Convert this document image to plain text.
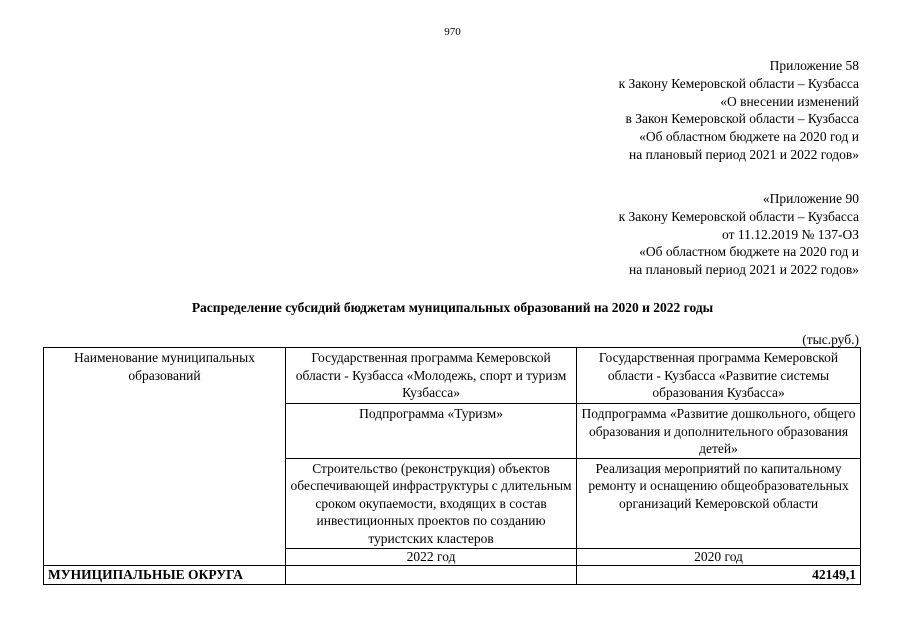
970
Приложение 58
к Закону Кемеровской области – Кузбасса
«О внесении изменений
в Закон Кемеровской области – Кузбасса
«Об областном бюджете на 2020 год и
на плановый период 2021 и 2022 годов»
«Приложение 90
к Закону Кемеровской области – Кузбасса
от 11.12.2019 № 137-ОЗ
«Об областном бюджете на 2020 год и
на плановый период 2021 и 2022 годов»
Распределение субсидий бюджетам муниципальных образований на 2020 и 2022 годы
(тыс.руб.)
Наименование муниципальных образований	Государственная программа Кемеровской области - Кузбасса «Молодежь, спорт и туризм Кузбасса»	Государственная программа Кемеровской области - Кузбасса «Развитие системы образования Кузбасса»
	Подпрограмма «Туризм»	Подпрограмма «Развитие дошкольного, общего образования и дополнительного образования детей»
	Строительство (реконструкция) объектов обеспечивающей инфраструктуры с длительным сроком окупаемости, входящих в состав инвестиционных проектов по созданию туристских кластеров	Реализация мероприятий по капитальному ремонту и оснащению общеобразовательных организаций Кемеровской области
	2022 год	2020 год
МУНИЦИПАЛЬНЫЕ ОКРУГА		42149,1
